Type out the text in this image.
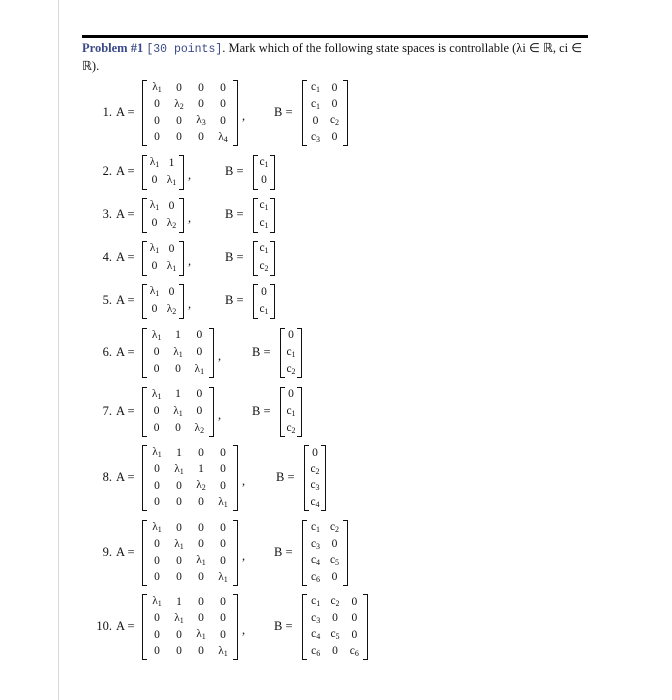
Problem #1 [30 points]. Mark which of the following state spaces is controllable (λi ∈ ℝ, ci ∈ ℝ).
1. A =
$\lambda_1$ 0 0 0
0 $\lambda_2$ 0 0
0 0 $\lambda_3$ 0
0 0 0 $\lambda_4$
, B =
$c_1$ 0
$c_1$ 0
0 $c_2$
$c_3$ 0
2. A =
$\lambda_1$ 1
0 $\lambda_1$
,	B =
$c_1$
0
3. A =
$\lambda_1$ 0
0 $\lambda_2$
,	B =
$c_1$
$c_1$
4. A =
$\lambda_1$ 0
0 $\lambda_1$
,	B =
$c_1$
$c_2$
5. A =
$\lambda_1$ 0
0 $\lambda_2$
,	B =
0
$c_1$
6. A =
$\lambda_1$ 1 0
0 $\lambda_1$ 0
0 0 $\lambda_1$
, B =
0
$c_1$
$c_2$
7. A =
$\lambda_1$ 1 0
0 $\lambda_1$ 0
0 0 $\lambda_2$
, B =
0
$c_1$
$c_2$
8. A =
$\lambda_1$ 1 0 0
0 $\lambda_1$ 1 0
0 0 $\lambda_2$ 0
0 0 0 $\lambda_1$
, B =
0
$c_2$
$c_3$
$c_4$
9. A =
$\lambda_1$ 0 0 0
0 $\lambda_1$ 0 0
0 0 $\lambda_1$ 0
0 0 0 $\lambda_1$
, B =
$c_1$ $c_2$
$c_3$ 0
$c_4$ $c_5$
$c_6$ 0
10. A =
$\lambda_1$ 1 0 0
0 $\lambda_1$ 0 0
0 0 $\lambda_1$ 0
0 0 0 $\lambda_1$
, B =
$c_1$ $c_2$ 0
$c_3$ 0 0
$c_4$ $c_5$ 0
$c_6$ 0 $c_6$
